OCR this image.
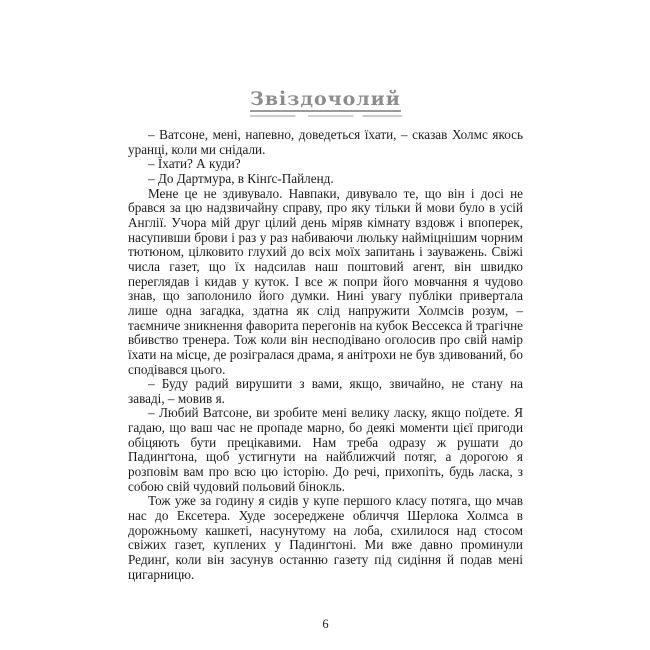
Звіздочолий

– Ватсоне, мені, напевно, доведеться їхати, – сказав Холмс якось уранці, коли ми снідали.

– Їхати? А куди?

– До Дартмура, в Кінґс-Пайленд.

Мене це не здивувало. Навпаки, дивувало те, що він і досі не брався за цю надзвичайну справу, про яку тільки й мови було в усій Англії. Учора мій друг цілий день міряв кімнату вздовж і впоперек, насупивши брови і раз у раз набиваючи люльку найміцнішим чорним тютюном, цілковито глухий до всіх моїх запитань і зауважень. Свіжі числа газет, що їх надсилав наш поштовий агент, він швидко переглядав і кидав у куток. І все ж попри його мовчання я чудово знав, що заполонило його думки. Нині увагу публіки привертала лише одна загадка, здатна як слід напружити Холмсів розум, – таємниче зникнення фаворита перегонів на кубок Вессекса й трагічне вбивство тренера. Тож коли він несподівано оголосив про свій намір їхати на місце, де розігралася драма, я анітрохи не був здивований, бо сподівався цього.

– Буду радий вирушити з вами, якщо, звичайно, не стану на заваді, – мовив я.

– Любий Ватсоне, ви зробите мені велику ласку, якщо поїдете. Я гадаю, що ваш час не пропаде марно, бо деякі моменти цієї пригоди обіцяють бути прецікавими. Нам треба одразу ж рушати до Падинґтона, щоб устигнути на найближчий потяг, а дорогою я розповім вам про всю цю історію. До речі, прихопіть, будь ласка, з собою свій чудовий польовий бінокль.

Тож уже за годину я сидів у купе першого класу потяга, що мчав нас до Ексетера. Худе зосереджене обличчя Шерлока Холмса в дорожньому кашкеті, насунутому на лоба, схилилося над стосом свіжих газет, куплених у Падинґтоні. Ми вже давно проминули Рединґ, коли він засунув останню газету під сидіння й подав мені цигарницю.

6
